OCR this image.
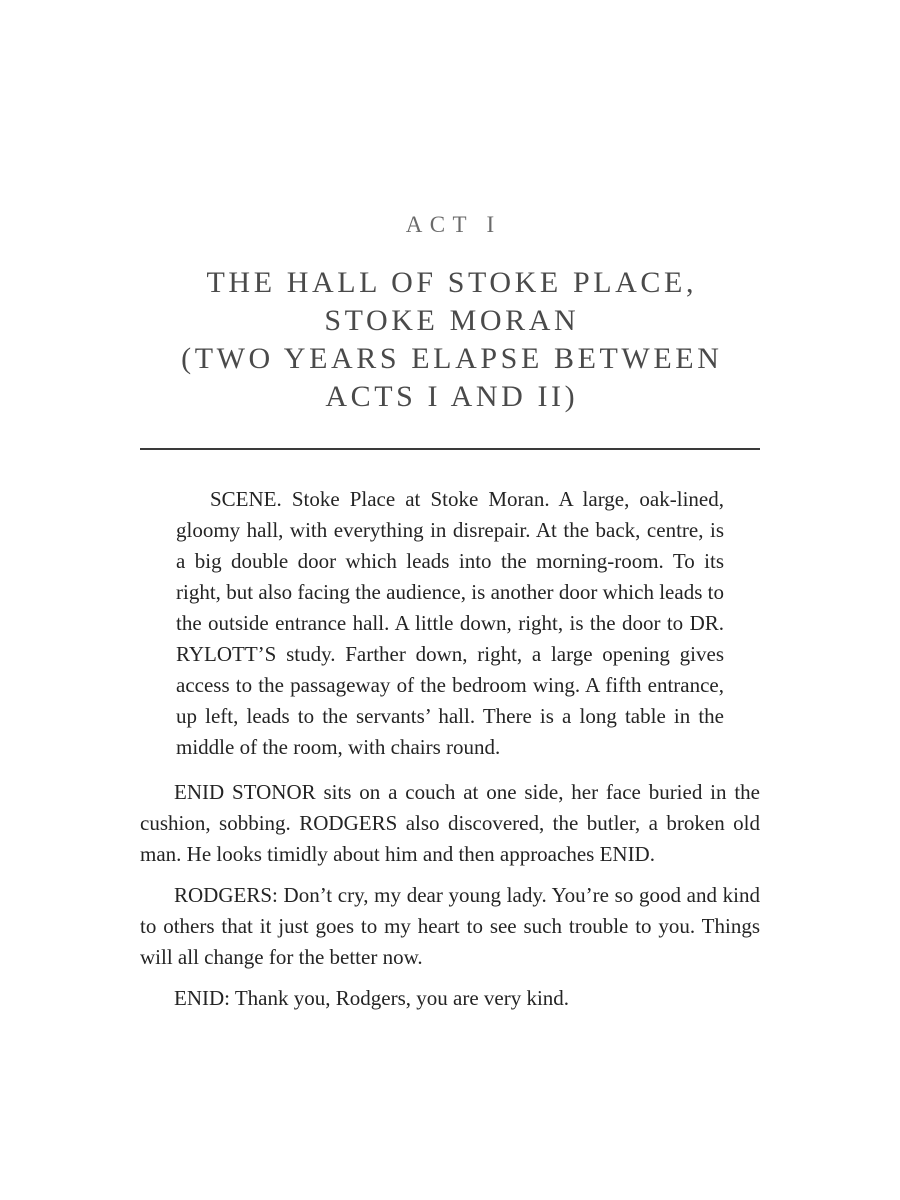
ACT I
THE HALL OF STOKE PLACE,
STOKE MORAN
(TWO YEARS ELAPSE BETWEEN
ACTS I AND II)

SCENE. Stoke Place at Stoke Moran. A large, oak-lined, gloomy hall, with everything in disrepair. At the back, centre, is a big double door which leads into the morning-room. To its right, but also facing the audience, is another door which leads to the outside entrance hall. A little down, right, is the door to DR. RYLOTT’S study. Farther down, right, a large opening gives access to the passageway of the bedroom wing. A fifth entrance, up left, leads to the servants’ hall. There is a long table in the middle of the room, with chairs round.

ENID STONOR sits on a couch at one side, her face buried in the cushion, sobbing. RODGERS also discovered, the butler, a broken old man. He looks timidly about him and then approaches ENID.

RODGERS: Don’t cry, my dear young lady. You’re so good and kind to others that it just goes to my heart to see such trouble to you. Things will all change for the better now.

ENID: Thank you, Rodgers, you are very kind.
